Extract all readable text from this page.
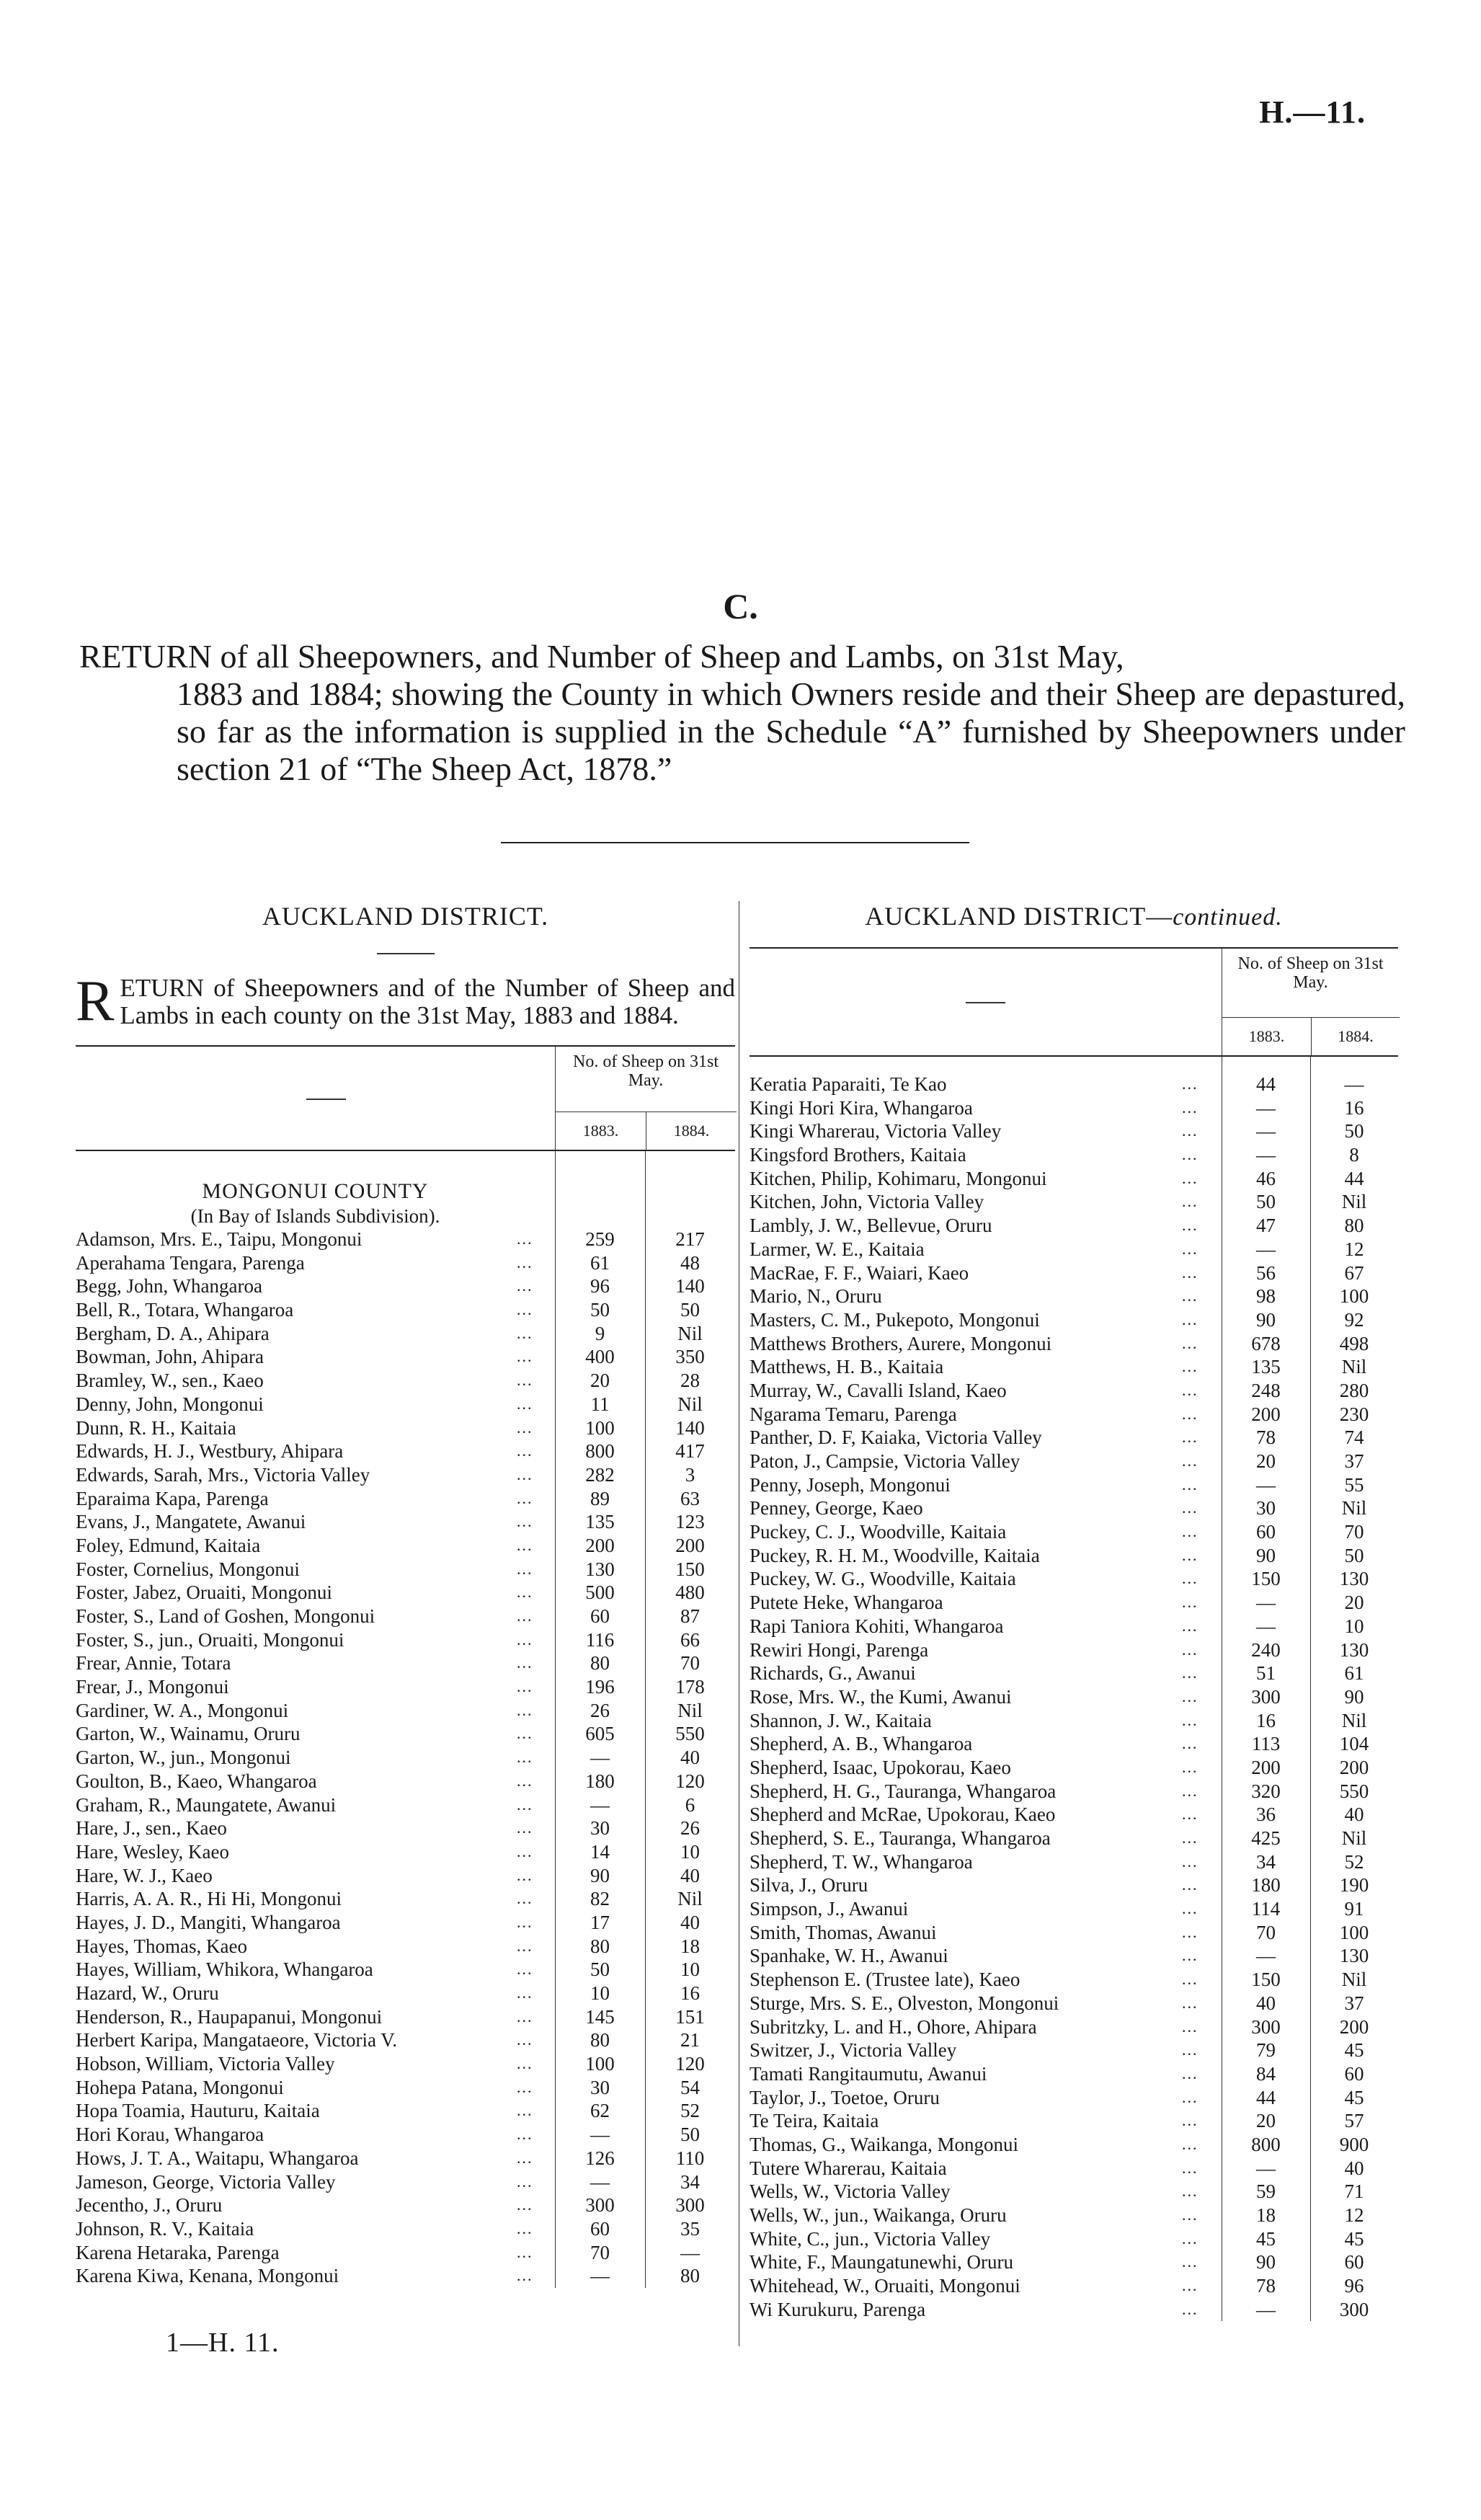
H.—11.
C.
RETURN of all Sheepowners, and Number of Sheep and Lambs, on 31st May,
1883 and 1884; showing the County in which Owners reside and their Sheep are depastured, so far as the information is supplied in the Schedule “A” furnished by Sheepowners under section 21 of “The Sheep Act, 1878.”
AUCKLAND DISTRICT.
R ETURN of Sheepowners and of the Number of Sheep and Lambs in each county on the 31st May, 1883 and 1884.
No. of Sheep on 31st May.
1883.	1884.
MONGONUI COUNTY
(In Bay of Islands Subdivision).
Adamson, Mrs. E., Taipu, Mongonui	...	259	217
Aperahama Tengara, Parenga	...	61	48
Begg, John, Whangaroa	...	96	140
Bell, R., Totara, Whangaroa	...	50	50
Bergham, D. A., Ahipara	...	9	Nil
Bowman, John, Ahipara	...	400	350
Bramley, W., sen., Kaeo	...	20	28
Denny, John, Mongonui	...	11	Nil
Dunn, R. H., Kaitaia	...	100	140
Edwards, H. J., Westbury, Ahipara	...	800	417
Edwards, Sarah, Mrs., Victoria Valley	...	282	3
Eparaima Kapa, Parenga	...	89	63
Evans, J., Mangatete, Awanui	...	135	123
Foley, Edmund, Kaitaia	...	200	200
Foster, Cornelius, Mongonui	...	130	150
Foster, Jabez, Oruaiti, Mongonui	...	500	480
Foster, S., Land of Goshen, Mongonui	...	60	87
Foster, S., jun., Oruaiti, Mongonui	...	116	66
Frear, Annie, Totara	...	80	70
Frear, J., Mongonui	...	196	178
Gardiner, W. A., Mongonui	...	26	Nil
Garton, W., Wainamu, Oruru	...	605	550
Garton, W., jun., Mongonui	...	—	40
Goulton, B., Kaeo, Whangaroa	...	180	120
Graham, R., Maungatete, Awanui	...	—	6
Hare, J., sen., Kaeo	...	30	26
Hare, Wesley, Kaeo	...	14	10
Hare, W. J., Kaeo	...	90	40
Harris, A. A. R., Hi Hi, Mongonui	...	82	Nil
Hayes, J. D., Mangiti, Whangaroa	...	17	40
Hayes, Thomas, Kaeo	...	80	18
Hayes, William, Whikora, Whangaroa	...	50	10
Hazard, W., Oruru	...	10	16
Henderson, R., Haupapanui, Mongonui	...	145	151
Herbert Karipa, Mangataeore, Victoria V.	...	80	21
Hobson, William, Victoria Valley	...	100	120
Hohepa Patana, Mongonui	...	30	54
Hopa Toamia, Hauturu, Kaitaia	...	62	52
Hori Korau, Whangaroa	...	—	50
Hows, J. T. A., Waitapu, Whangaroa	...	126	110
Jameson, George, Victoria Valley	...	—	34
Jecentho, J., Oruru	...	300	300
Johnson, R. V., Kaitaia	...	60	35
Karena Hetaraka, Parenga	...	70	—
Karena Kiwa, Kenana, Mongonui	...	—	80
AUCKLAND DISTRICT—continued.
No. of Sheep on 31st May.
1883.	1884.
Keratia Paparaiti, Te Kao	...	44	—
Kingi Hori Kira, Whangaroa	...	—	16
Kingi Wharerau, Victoria Valley	...	—	50
Kingsford Brothers, Kaitaia	...	—	8
Kitchen, Philip, Kohimaru, Mongonui	...	46	44
Kitchen, John, Victoria Valley	...	50	Nil
Lambly, J. W., Bellevue, Oruru	...	47	80
Larmer, W. E., Kaitaia	...	—	12
MacRae, F. F., Waiari, Kaeo	...	56	67
Mario, N., Oruru	...	98	100
Masters, C. M., Pukepoto, Mongonui	...	90	92
Matthews Brothers, Aurere, Mongonui	...	678	498
Matthews, H. B., Kaitaia	...	135	Nil
Murray, W., Cavalli Island, Kaeo	...	248	280
Ngarama Temaru, Parenga	...	200	230
Panther, D. F, Kaiaka, Victoria Valley	...	78	74
Paton, J., Campsie, Victoria Valley	...	20	37
Penny, Joseph, Mongonui	...	—	55
Penney, George, Kaeo	...	30	Nil
Puckey, C. J., Woodville, Kaitaia	...	60	70
Puckey, R. H. M., Woodville, Kaitaia	...	90	50
Puckey, W. G., Woodville, Kaitaia	...	150	130
Putete Heke, Whangaroa	...	—	20
Rapi Taniora Kohiti, Whangaroa	...	—	10
Rewiri Hongi, Parenga	...	240	130
Richards, G., Awanui	...	51	61
Rose, Mrs. W., the Kumi, Awanui	...	300	90
Shannon, J. W., Kaitaia	...	16	Nil
Shepherd, A. B., Whangaroa	...	113	104
Shepherd, Isaac, Upokorau, Kaeo	...	200	200
Shepherd, H. G., Tauranga, Whangaroa	...	320	550
Shepherd and McRae, Upokorau, Kaeo	...	36	40
Shepherd, S. E., Tauranga, Whangaroa	...	425	Nil
Shepherd, T. W., Whangaroa	...	34	52
Silva, J., Oruru	...	180	190
Simpson, J., Awanui	...	114	91
Smith, Thomas, Awanui	...	70	100
Spanhake, W. H., Awanui	...	—	130
Stephenson E. (Trustee late), Kaeo	...	150	Nil
Sturge, Mrs. S. E., Olveston, Mongonui	...	40	37
Subritzky, L. and H., Ohore, Ahipara	...	300	200
Switzer, J., Victoria Valley	...	79	45
Tamati Rangitaumutu, Awanui	...	84	60
Taylor, J., Toetoe, Oruru	...	44	45
Te Teira, Kaitaia	...	20	57
Thomas, G., Waikanga, Mongonui	...	800	900
Tutere Wharerau, Kaitaia	...	—	40
Wells, W., Victoria Valley	...	59	71
Wells, W., jun., Waikanga, Oruru	...	18	12
White, C., jun., Victoria Valley	...	45	45
White, F., Maungatunewhi, Oruru	...	90	60
Whitehead, W., Oruaiti, Mongonui	...	78	96
Wi Kurukuru, Parenga	...	—	300
1—H. 11.
